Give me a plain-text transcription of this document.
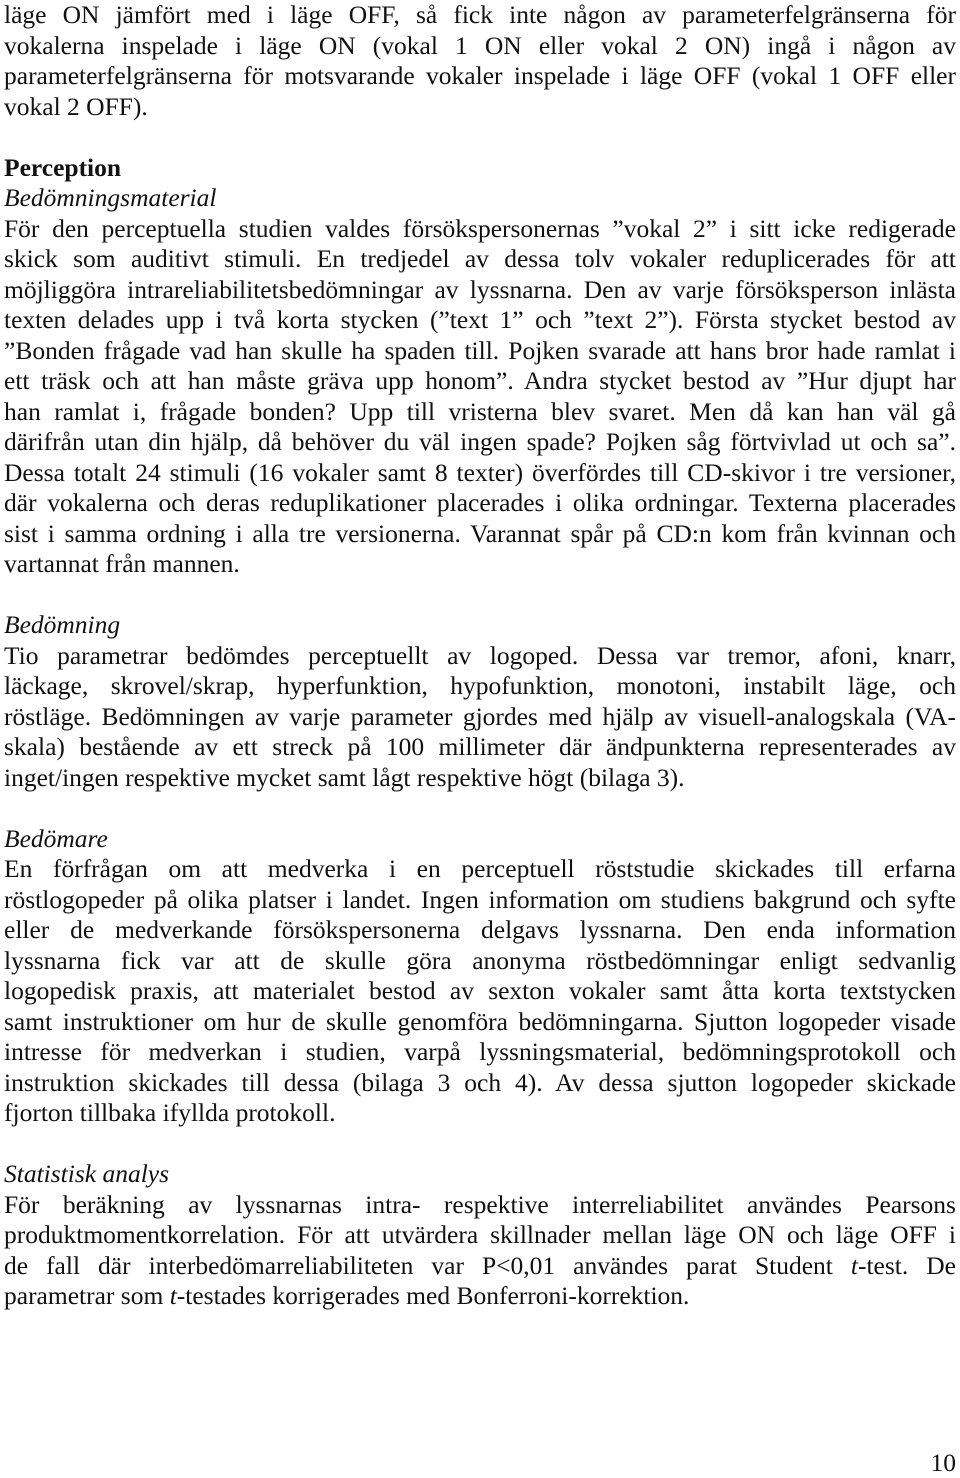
läge ON jämfört med i läge OFF, så fick inte någon av parameterfelgränserna för
vokalerna inspelade i läge ON (vokal 1 ON eller vokal 2 ON) ingå i någon av
parameterfelgränserna för motsvarande vokaler inspelade i läge OFF (vokal 1 OFF eller
vokal 2 OFF).
Perception
Bedömningsmaterial
För den perceptuella studien valdes försökspersonernas ”vokal 2” i sitt icke redigerade
skick som auditivt stimuli. En tredjedel av dessa tolv vokaler reduplicerades för att
möjliggöra intrareliabilitetsbedömningar av lyssnarna. Den av varje försöksperson inlästa
texten delades upp i två korta stycken (”text 1” och ”text 2”). Första stycket bestod av
”Bonden frågade vad han skulle ha spaden till. Pojken svarade att hans bror hade ramlat i
ett träsk och att han måste gräva upp honom”. Andra stycket bestod av ”Hur djupt har
han ramlat i, frågade bonden? Upp till vristerna blev svaret. Men då kan han väl gå
därifrån utan din hjälp, då behöver du väl ingen spade? Pojken såg förtvivlad ut och sa”.
Dessa totalt 24 stimuli (16 vokaler samt 8 texter) överfördes till CD-skivor i tre versioner,
där vokalerna och deras reduplikationer placerades i olika ordningar. Texterna placerades
sist i samma ordning i alla tre versionerna. Varannat spår på CD:n kom från kvinnan och
vartannat från mannen.
Bedömning
Tio parametrar bedömdes perceptuellt av logoped. Dessa var tremor, afoni, knarr,
läckage, skrovel/skrap, hyperfunktion, hypofunktion, monotoni, instabilt läge, och
röstläge. Bedömningen av varje parameter gjordes med hjälp av visuell-analogskala (VA-
skala) bestående av ett streck på 100 millimeter där ändpunkterna representerades av
inget/ingen respektive mycket samt lågt respektive högt (bilaga 3).
Bedömare
En förfrågan om att medverka i en perceptuell röststudie skickades till erfarna
röstlogopeder på olika platser i landet. Ingen information om studiens bakgrund och syfte
eller de medverkande försökspersonerna delgavs lyssnarna. Den enda information
lyssnarna fick var att de skulle göra anonyma röstbedömningar enligt sedvanlig
logopedisk praxis, att materialet bestod av sexton vokaler samt åtta korta textstycken
samt instruktioner om hur de skulle genomföra bedömningarna. Sjutton logopeder visade
intresse för medverkan i studien, varpå lyssningsmaterial, bedömningsprotokoll och
instruktion skickades till dessa (bilaga 3 och 4). Av dessa sjutton logopeder skickade
fjorton tillbaka ifyllda protokoll.
Statistisk analys
För beräkning av lyssnarnas intra- respektive interreliabilitet användes Pearsons
produktmomentkorrelation. För att utvärdera skillnader mellan läge ON och läge OFF i
de fall där interbedömarreliabiliteten var P<0,01 användes parat Student t-test. De
parametrar som t-testades korrigerades med Bonferroni-korrektion.
10
